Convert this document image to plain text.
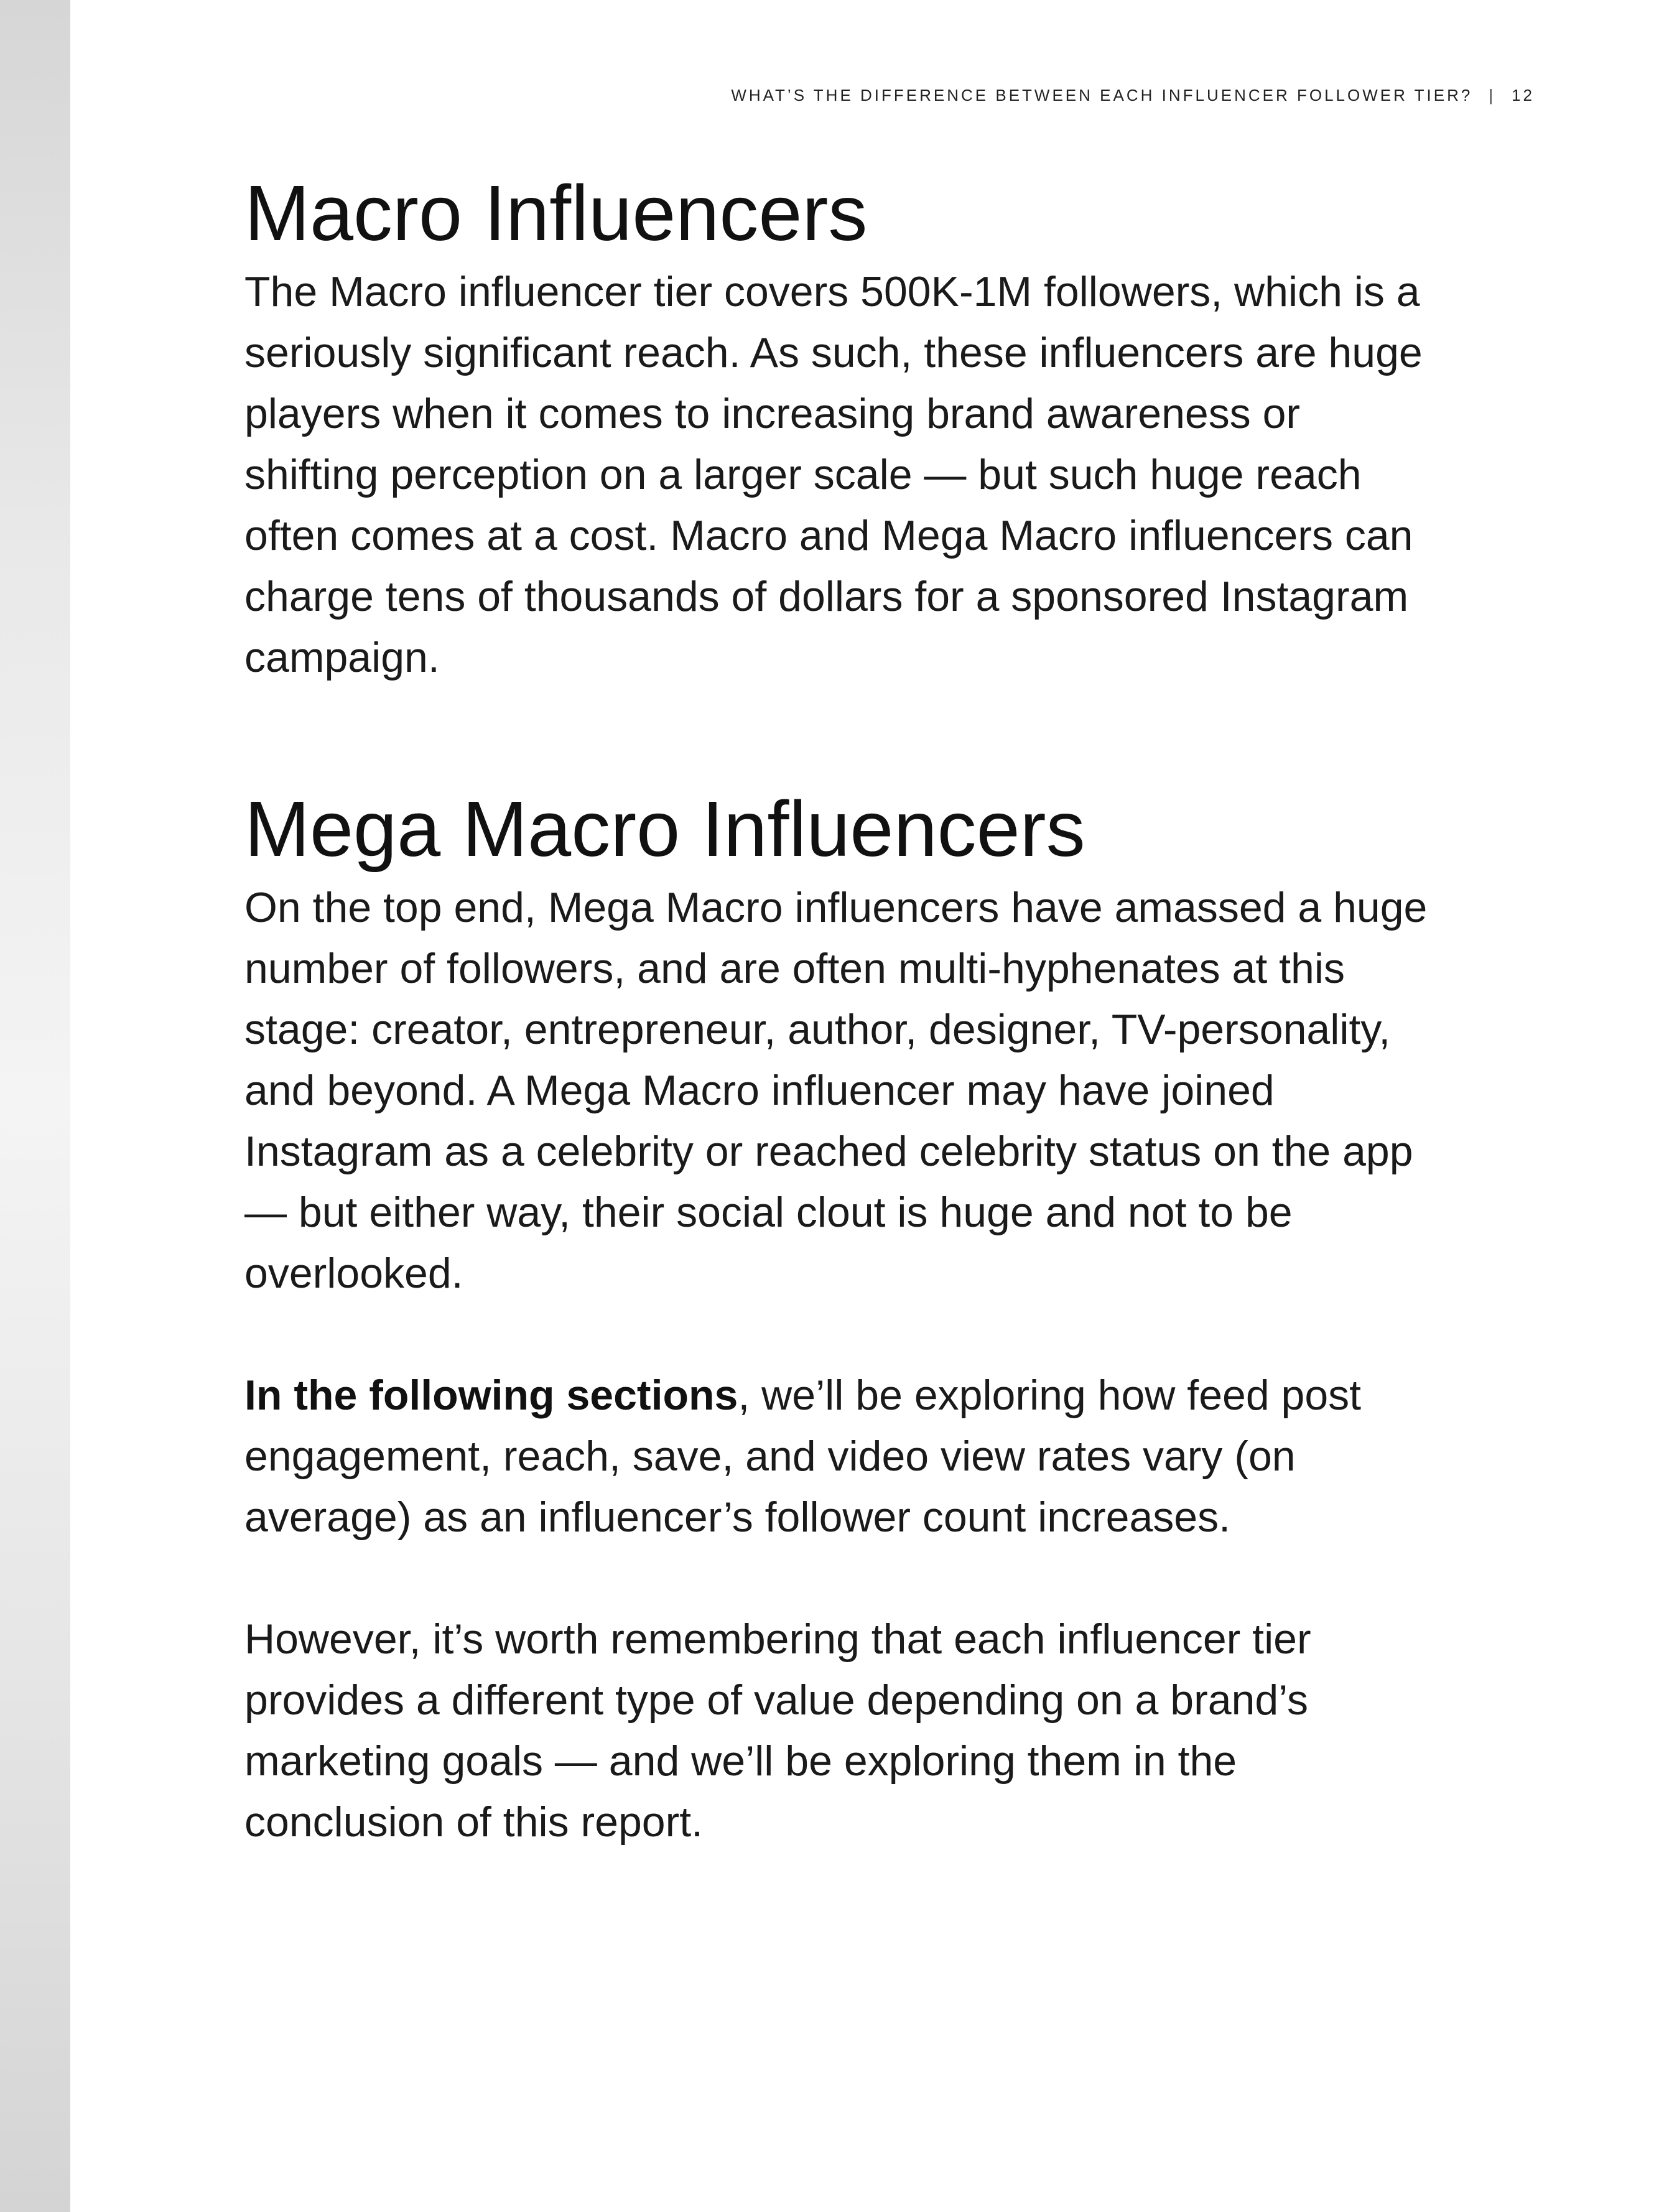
WHAT’S THE DIFFERENCE BETWEEN EACH INFLUENCER FOLLOWER TIER? | 12
Macro Influencers

The Macro influencer tier covers 500K-1M followers, which is a seriously significant reach. As such, these influencers are huge players when it comes to increasing brand awareness or shifting perception on a larger scale — but such huge reach often comes at a cost. Macro and Mega Macro influencers can charge tens of thousands of dollars for a sponsored Instagram campaign.

Mega Macro Influencers

On the top end, Mega Macro influencers have amassed a huge number of followers, and are often multi-hyphenates at this stage: creator, entrepreneur, author, designer, TV-personality, and beyond. A Mega Macro influencer may have joined Instagram as a celebrity or reached celebrity status on the app — but either way, their social clout is huge and not to be overlooked.

In the following sections, we’ll be exploring how feed post engagement, reach, save, and video view rates vary (on average) as an influencer’s follower count increases.

However, it’s worth remembering that each influencer tier provides a different type of value depending on a brand’s marketing goals — and we’ll be exploring them in the conclusion of this report.
